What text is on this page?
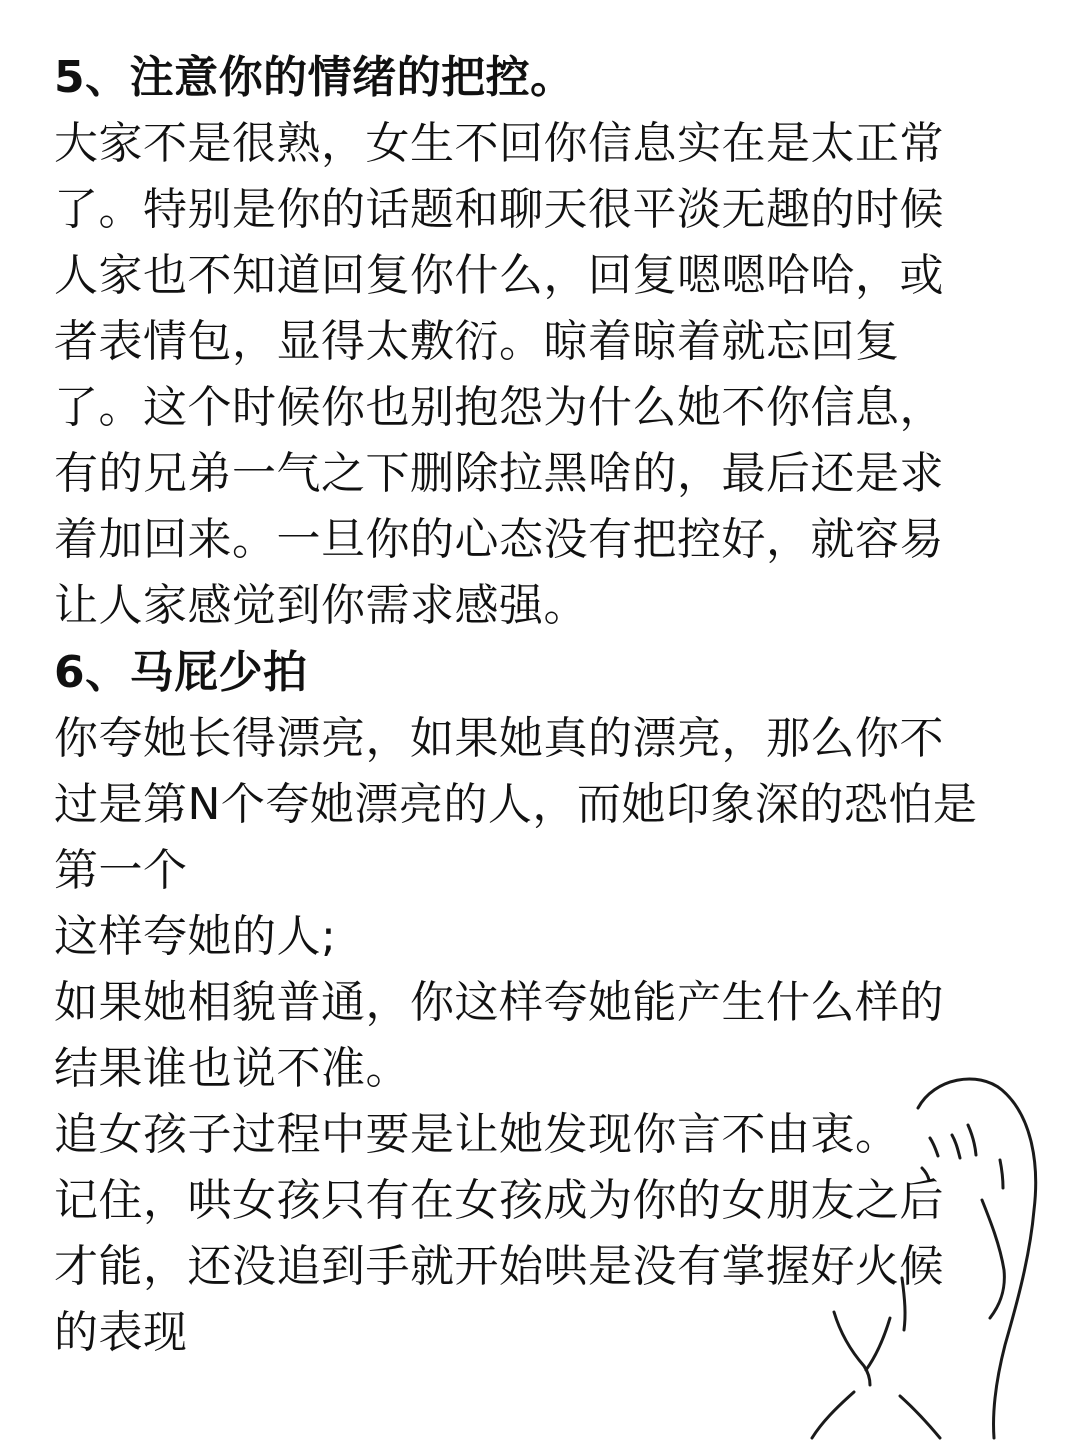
5、注意你的情绪的把控。
大家不是很熟，女生不回你信息实在是太正常
了。特别是你的话题和聊天很平淡无趣的时候
人家也不知道回复你什么，回复嗯嗯哈哈，或
者表情包，显得太敷衍。晾着晾着就忘回复
了。这个时候你也别抱怨为什么她不你信息，
有的兄弟一气之下删除拉黑啥的，最后还是求
着加回来。一旦你的心态没有把控好，就容易
让人家感觉到你需求感强。
6、马屁少拍
你夸她长得漂亮，如果她真的漂亮，那么你不
过是第N个夸她漂亮的人，而她印象深的恐怕是
第一个
这样夸她的人;
如果她相貌普通，你这样夸她能产生什么样的
结果谁也说不准。
追女孩子过程中要是让她发现你言不由衷。
记住，哄女孩只有在女孩成为你的女朋友之后
才能，还没追到手就开始哄是没有掌握好火候
的表现
